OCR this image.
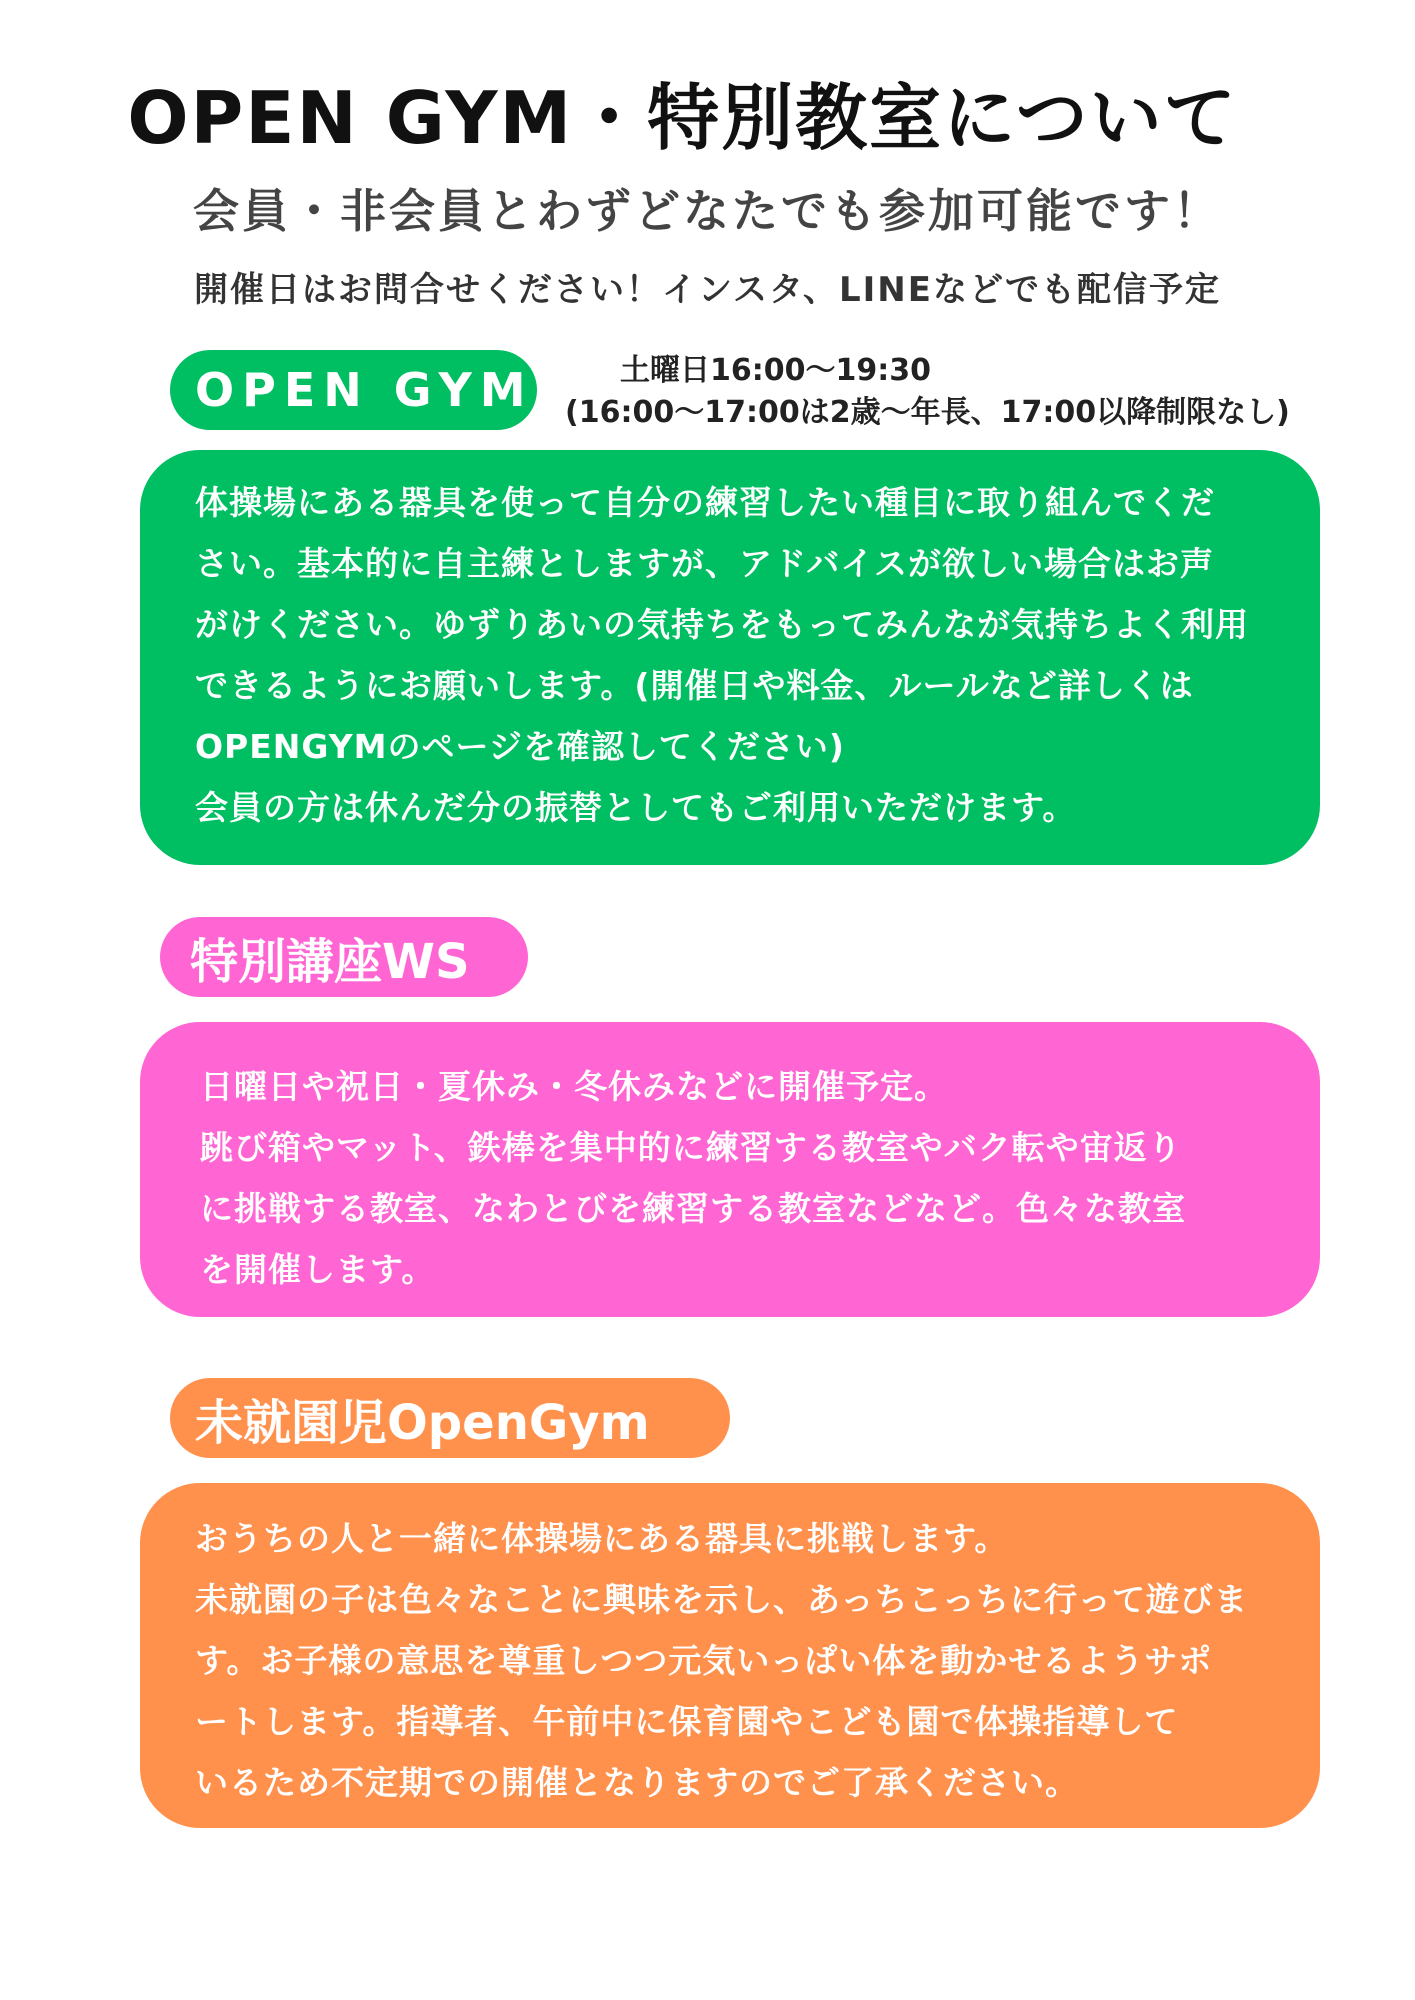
OPEN GYM・特別教室について
会員・非会員とわずどなたでも参加可能です！
開催日はお問合せください！インスタ、LINEなどでも配信予定
OPEN GYM	土曜日16:00〜19:30
(16:00〜17:00は2歳〜年長、17:00以降制限なし)
体操場にある器具を使って自分の練習したい種目に取り組んでくだ
さい。基本的に自主練としますが、アドバイスが欲しい場合はお声
がけください。ゆずりあいの気持ちをもってみんなが気持ちよく利用
できるようにお願いします。(開催日や料金、ルールなど詳しくは
OPENGYMのページを確認してください)
会員の方は休んだ分の振替としてもご利用いただけます。
特別講座WS
日曜日や祝日・夏休み・冬休みなどに開催予定。
跳び箱やマット、鉄棒を集中的に練習する教室やバク転や宙返り
に挑戦する教室、なわとびを練習する教室などなど。色々な教室
を開催します。
未就園児OpenGym
おうちの人と一緒に体操場にある器具に挑戦します。
未就園の子は色々なことに興味を示し、あっちこっちに行って遊びま
す。お子様の意思を尊重しつつ元気いっぱい体を動かせるようサポ
ートします。指導者、午前中に保育園やこども園で体操指導して
いるため不定期での開催となりますのでご了承ください。
